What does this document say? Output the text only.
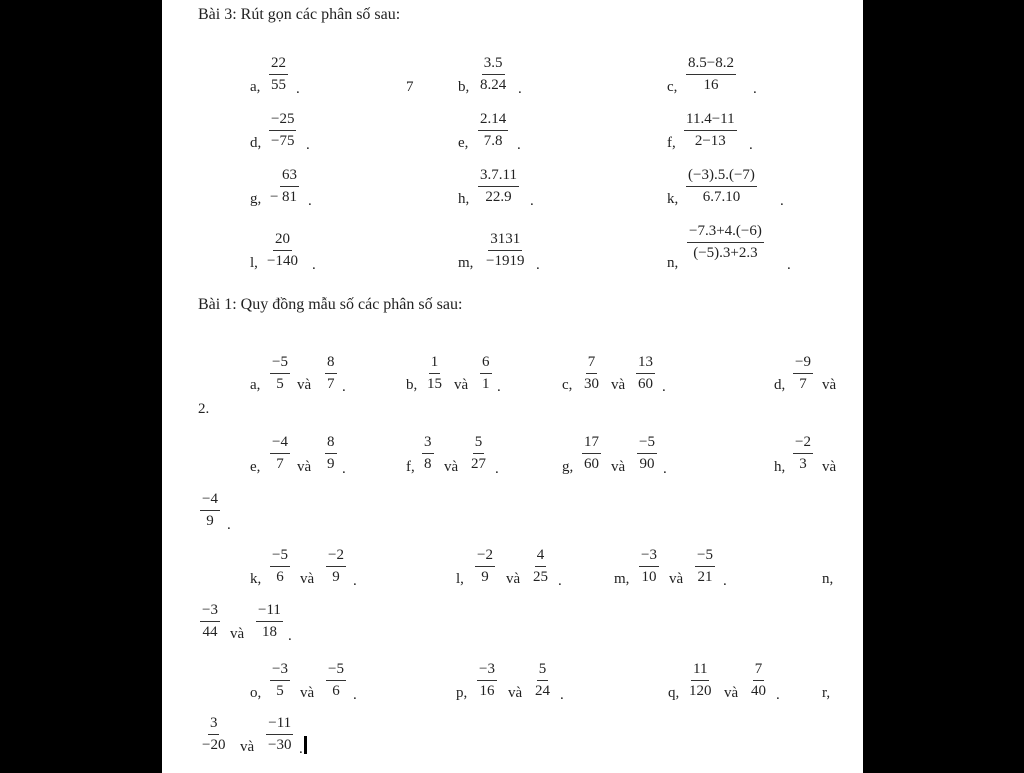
Bài 3: Rút gọn các phân số sau:
a, $\frac{22}{55}$ .	7	b, $\frac{3.5}{8.24}$ .	c, $\frac{8.5-8.2}{16}$ .
d, $\frac{-25}{-75}$ .	e, $\frac{2.14}{7.8}$ .	f, $\frac{11.4-11}{2-13}$ .
g, − $\frac{63}{81}$ .	h, $\frac{3.7.11}{22.9}$ .	k, $\frac{(-3).5.(-7)}{6.7.10}$ .
l, $\frac{20}{-140}$ .	m, $\frac{3131}{-1919}$ .	n,
$\frac{-7.3+4.(-6)}{(-5).3+2.3}$
.
Bài 1: Quy đồng mẫu số các phân số sau:
a, $\frac{-5}{5}$ và $\frac{8}{7}$ .	b, $\frac{1}{15}$ và $\frac{6}{1}$ .	c, $\frac{7}{30}$ và $\frac{13}{60}$ .	d, $\frac{-9}{7}$ và
2.
e, $\frac{-4}{7}$ và $\frac{8}{9}$ .	f, $\frac{3}{8}$ và $\frac{5}{27}$ .	g, $\frac{17}{60}$ và $\frac{-5}{90}$ .	h, $\frac{-2}{3}$ và
$\frac{-4}{9}$ .
k, $\frac{-5}{6}$ và $\frac{-2}{9}$ .	l, $\frac{-2}{9}$ và $\frac{4}{25}$ .	m, $\frac{-3}{10}$ và $\frac{-5}{21}$ .	n,
$\frac{-3}{44}$ và $\frac{-11}{18}$ .
o, $\frac{-3}{5}$ và $\frac{-5}{6}$ .	p, $\frac{-3}{16}$ và $\frac{5}{24}$ .	q, $\frac{11}{120}$ và $\frac{7}{40}$ .	r,
$\frac{3}{-20}$ và $\frac{-11}{-30}$ .
